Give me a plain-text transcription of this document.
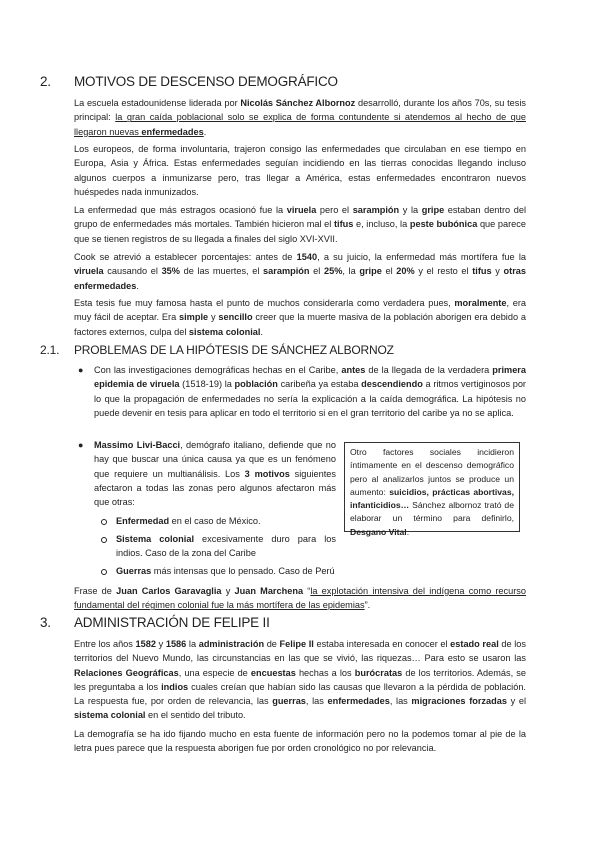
2. MOTIVOS DE DESCENSO DEMOGRÁFICO

La escuela estadounidense liderada por Nicolás Sánchez Albornoz desarrolló, durante los años 70s, su tesis principal: la gran caída poblacional solo se explica de forma contundente si atendemos al hecho de que llegaron nuevas enfermedades.

Los europeos, de forma involuntaria, trajeron consigo las enfermedades que circulaban en ese tiempo en Europa, Asia y África. Estas enfermedades seguían incidiendo en las tierras conocidas llegando incluso algunos cuerpos a inmunizarse pero, tras llegar a América, estas enfermedades encontraron nuevos huéspedes nada inmunizados.

La enfermedad que más estragos ocasionó fue la viruela pero el sarampión y la gripe estaban dentro del grupo de enfermedades más mortales. También hicieron mal el tifus e, incluso, la peste bubónica que parece que se tienen registros de su llegada a finales del siglo XVI-XVII.

Cook se atrevió a establecer porcentajes: antes de 1540, a su juicio, la enfermedad más mortífera fue la viruela causando el 35% de las muertes, el sarampión el 25%, la gripe el 20% y el resto el tifus y otras enfermedades.

Esta tesis fue muy famosa hasta el punto de muchos considerarla como verdadera pues, moralmente, era muy fácil de aceptar. Era simple y sencillo creer que la muerte masiva de la población aborigen era debido a factores externos, culpa del sistema colonial.

2.1. PROBLEMAS DE LA HIPÓTESIS DE SÁNCHEZ ALBORNOZ
● Con las investigaciones demográficas hechas en el Caribe, antes de la llegada de la verdadera primera epidemia de viruela (1518-19) la población caribeña ya estaba descendiendo a ritmos vertiginosos por lo que la propagación de enfermedades no sería la explicación a la caída demográfica. La hipótesis no puede devenir en tesis para aplicar en todo el territorio si en el gran territorio del caribe ya no se aplica.

● Massimo Livi-Bacci, demógrafo italiano, defiende que no hay que buscar una única causa ya que es un fenómeno que requiere un multianálisis. Los 3 motivos siguientes afectaron a todas las zonas pero algunos afectaron más que otras:

Enfermedad en el caso de México.

Sistema colonial excesivamente duro para los indios. Caso de la zona del Caribe

Guerras más intensas que lo pensado. Caso de Perú

Otro factores sociales incidieron íntimamente en el descenso demográfico pero al analizarlos juntos se produce un aumento: suicidios, prácticas abortivas, infanticidios… Sánchez albornoz trató de elaborar un término para definirlo, Desgano Vital.

Frase de Juan Carlos Garavaglia y Juan Marchena “la explotación intensiva del indígena como recurso fundamental del régimen colonial fue la más mortífera de las epidemias”.

3. ADMINISTRACIÓN DE FELIPE II

Entre los años 1582 y 1586 la administración de Felipe II estaba interesada en conocer el estado real de los territorios del Nuevo Mundo, las circunstancias en las que se vivió, las riquezas… Para esto se usaron las Relaciones Geográficas, una especie de encuestas hechas a los burócratas de los territorios. Además, se les preguntaba a los indios cuales creían que habían sido las causas que llevaron a la pérdida de población. La respuesta fue, por orden de relevancia, las guerras, las enfermedades, las migraciones forzadas y el sistema colonial en el sentido del tributo.

La demografía se ha ido fijando mucho en esta fuente de información pero no la podemos tomar al pie de la letra pues parece que la respuesta aborigen fue por orden cronológico no por relevancia.
